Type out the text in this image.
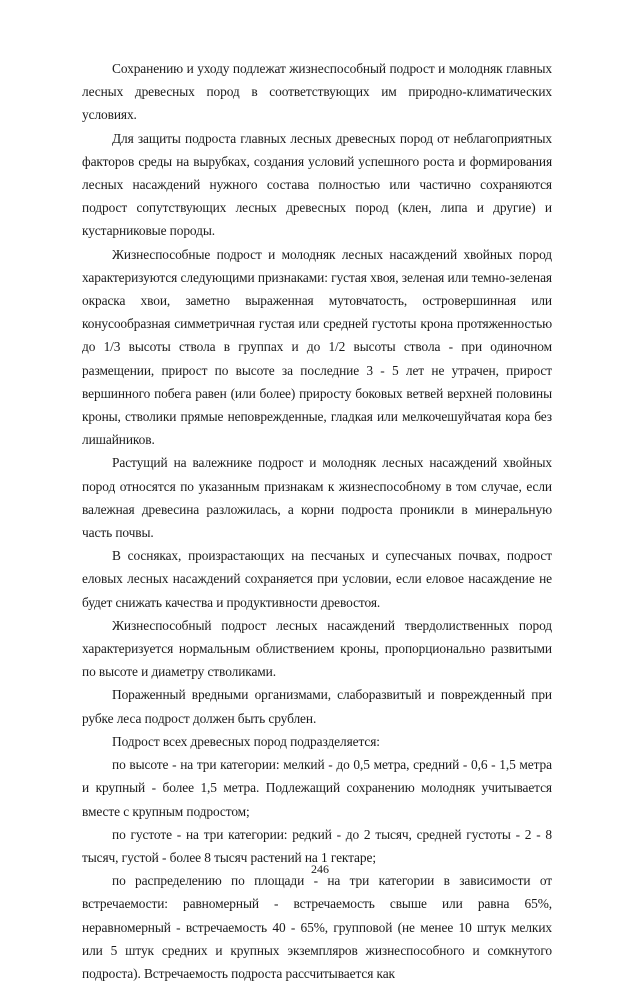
Сохранению и уходу подлежат жизнеспособный подрост и молодняк главных лесных древесных пород в соответствующих им природно-климатических условиях.

Для защиты подроста главных лесных древесных пород от неблагоприятных факторов среды на вырубках, создания условий успешного роста и формирования лесных насаждений нужного состава полностью или частично сохраняются подрост сопутствующих лесных древесных пород (клен, липа и другие) и кустарниковые породы.

Жизнеспособные подрост и молодняк лесных насаждений хвойных пород характеризуются следующими признаками: густая хвоя, зеленая или темно-зеленая окраска хвои, заметно выраженная мутовчатость, островершинная или конусообразная симметричная густая или средней густоты крона протяженностью до 1/3 высоты ствола в группах и до 1/2 высоты ствола - при одиночном размещении, прирост по высоте за последние 3 - 5 лет не утрачен, прирост вершинного побега равен (или более) приросту боковых ветвей верхней половины кроны, стволики прямые неповрежденные, гладкая или мелкочешуйчатая кора без лишайников.

Растущий на валежнике подрост и молодняк лесных насаждений хвойных пород относятся по указанным признакам к жизнеспособному в том случае, если валежная древесина разложилась, а корни подроста проникли в минеральную часть почвы.

В сосняках, произрастающих на песчаных и супесчаных почвах, подрост еловых лесных насаждений сохраняется при условии, если еловое насаждение не будет снижать качества и продуктивности древостоя.

Жизнеспособный подрост лесных насаждений твердолиственных пород характеризуется нормальным облиствением кроны, пропорционально развитыми по высоте и диаметру стволиками.

Пораженный вредными организмами, слаборазвитый и поврежденный при рубке леса подрост должен быть срублен.

Подрост всех древесных пород подразделяется:

по высоте - на три категории: мелкий - до 0,5 метра, средний - 0,6 - 1,5 метра и крупный - более 1,5 метра. Подлежащий сохранению молодняк учитывается вместе с крупным подростом;

по густоте - на три категории: редкий - до 2 тысяч, средней густоты - 2 - 8 тысяч, густой - более 8 тысяч растений на 1 гектаре;

по распределению по площади - на три категории в зависимости от встречаемости: равномерный - встречаемость свыше или равна 65%, неравномерный - встречаемость 40 - 65%, групповой (не менее 10 штук мелких или 5 штук средних и крупных экземпляров жизнеспособного и сомкнутого подроста). Встречаемость подроста рассчитывается как

246
